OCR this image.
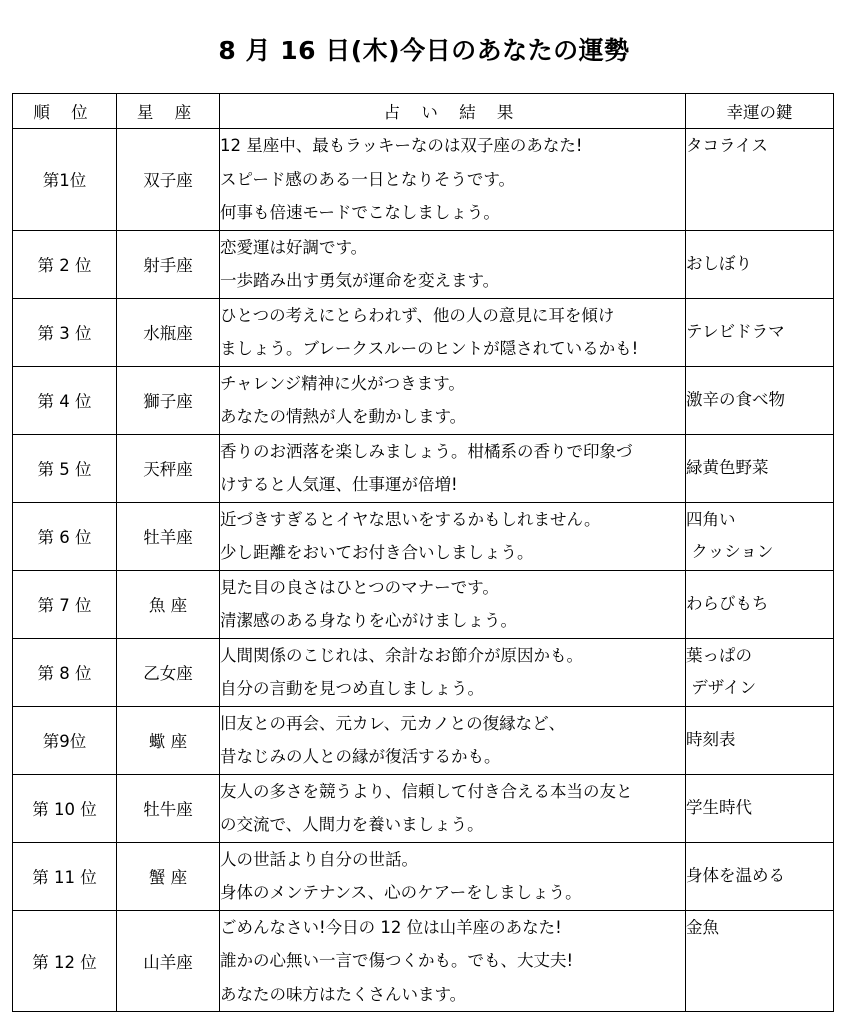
8 月 16 日(木)今日のあなたの運勢
順 位	星 座	占 い 結 果	幸運の鍵
第1位	双子座	12 星座中、最もラッキーなのは双子座のあなた!
スピード感のある一日となりそうです。
何事も倍速モードでこなしましょう。	タコライス
第 2 位	射手座	恋愛運は好調です。
一歩踏み出す勇気が運命を変えます。	おしぼり
第 3 位	水瓶座	ひとつの考えにとらわれず、他の人の意見に耳を傾け
ましょう。ブレークスルーのヒントが隠されているかも!	テレビドラマ
第 4 位	獅子座	チャレンジ精神に火がつきます。
あなたの情熱が人を動かします。	激辛の食べ物
第 5 位	天秤座	香りのお洒落を楽しみましょう。柑橘系の香りで印象づ
けすると人気運、仕事運が倍増!	緑黄色野菜
第 6 位	牡羊座	近づきすぎるとイヤな思いをするかもしれません。
少し距離をおいてお付き合いしましょう。	四角い
クッション
第 7 位	魚 座	見た目の良さはひとつのマナーです。
清潔感のある身なりを心がけましょう。	わらびもち
第 8 位	乙女座	人間関係のこじれは、余計なお節介が原因かも。
自分の言動を見つめ直しましょう。	葉っぱの
デザイン
第9位	蠍 座	旧友との再会、元カレ、元カノとの復縁など、
昔なじみの人との縁が復活するかも。	時刻表
第 10 位	牡牛座	友人の多さを競うより、信頼して付き合える本当の友と
の交流で、人間力を養いましょう。	学生時代
第 11 位	蟹 座	人の世話より自分の世話。
身体のメンテナンス、心のケアーをしましょう。	身体を温める
第 12 位	山羊座	ごめんなさい!今日の 12 位は山羊座のあなた!
誰かの心無い一言で傷つくかも。でも、大丈夫!
あなたの味方はたくさんいます。	金魚
